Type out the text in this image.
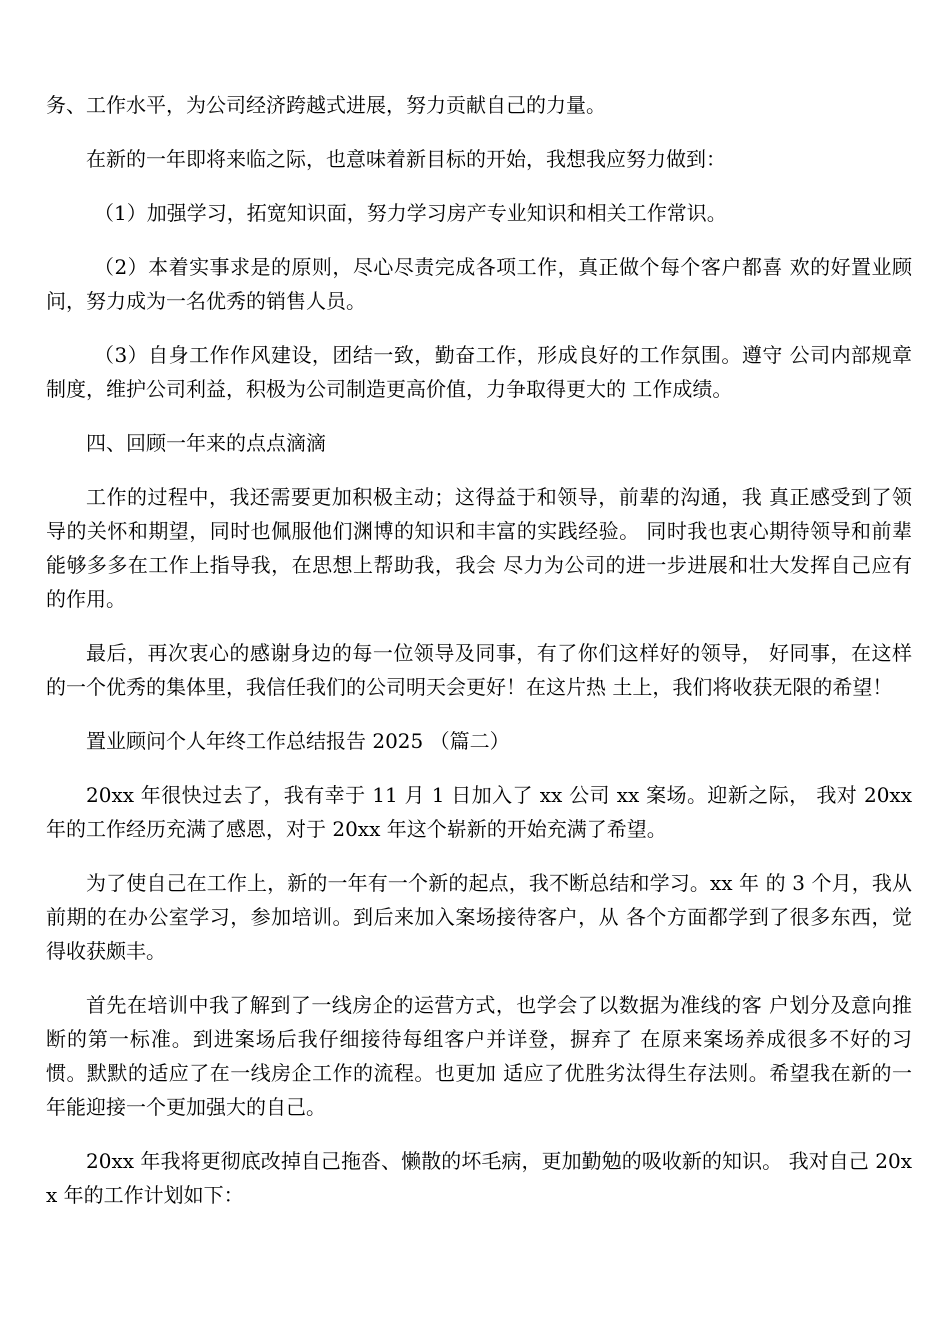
务、工作水平，为公司经济跨越式进展，努力贡献自己的力量。

在新的一年即将来临之际，也意味着新目标的开始，我想我应努力做到：

（1）加强学习，拓宽知识面，努力学习房产专业知识和相关工作常识。

（2）本着实事求是的原则，尽心尽责完成各项工作，真正做个每个客户都喜 欢的好置业顾问，努力成为一名优秀的销售人员。

（3）自身工作作风建设，团结一致，勤奋工作，形成良好的工作氛围。遵守 公司内部规章制度，维护公司利益，积极为公司制造更高价值，力争取得更大的 工作成绩。

四、回顾一年来的点点滴滴

工作的过程中，我还需要更加积极主动；这得益于和领导，前辈的沟通，我 真正感受到了领导的关怀和期望，同时也佩服他们渊博的知识和丰富的实践经验。 同时我也衷心期待领导和前辈能够多多在工作上指导我，在思想上帮助我，我会 尽力为公司的进一步进展和壮大发挥自己应有的作用。

最后，再次衷心的感谢身边的每一位领导及同事，有了你们这样好的领导， 好同事，在这样的一个优秀的集体里，我信任我们的公司明天会更好！在这片热 土上，我们将收获无限的希望！

置业顾问个人年终工作总结报告 2025 （篇二）

20xx 年很快过去了，我有幸于 11 月 1 日加入了 xx 公司 xx 案场。迎新之际， 我对 20xx 年的工作经历充满了感恩，对于 20xx 年这个崭新的开始充满了希望。

为了使自己在工作上，新的一年有一个新的起点，我不断总结和学习。xx 年 的 3 个月，我从前期的在办公室学习，参加培训。到后来加入案场接待客户，从 各个方面都学到了很多东西，觉得收获颇丰。

首先在培训中我了解到了一线房企的运营方式，也学会了以数据为准线的客 户划分及意向推断的第一标准。到进案场后我仔细接待每组客户并详登，摒弃了 在原来案场养成很多不好的习惯。默默的适应了在一线房企工作的流程。也更加 适应了优胜劣汰得生存法则。希望我在新的一年能迎接一个更加强大的自己。

20xx 年我将更彻底改掉自己拖沓、懒散的坏毛病，更加勤勉的吸收新的知识。 我对自己 20xx 年的工作计划如下：
